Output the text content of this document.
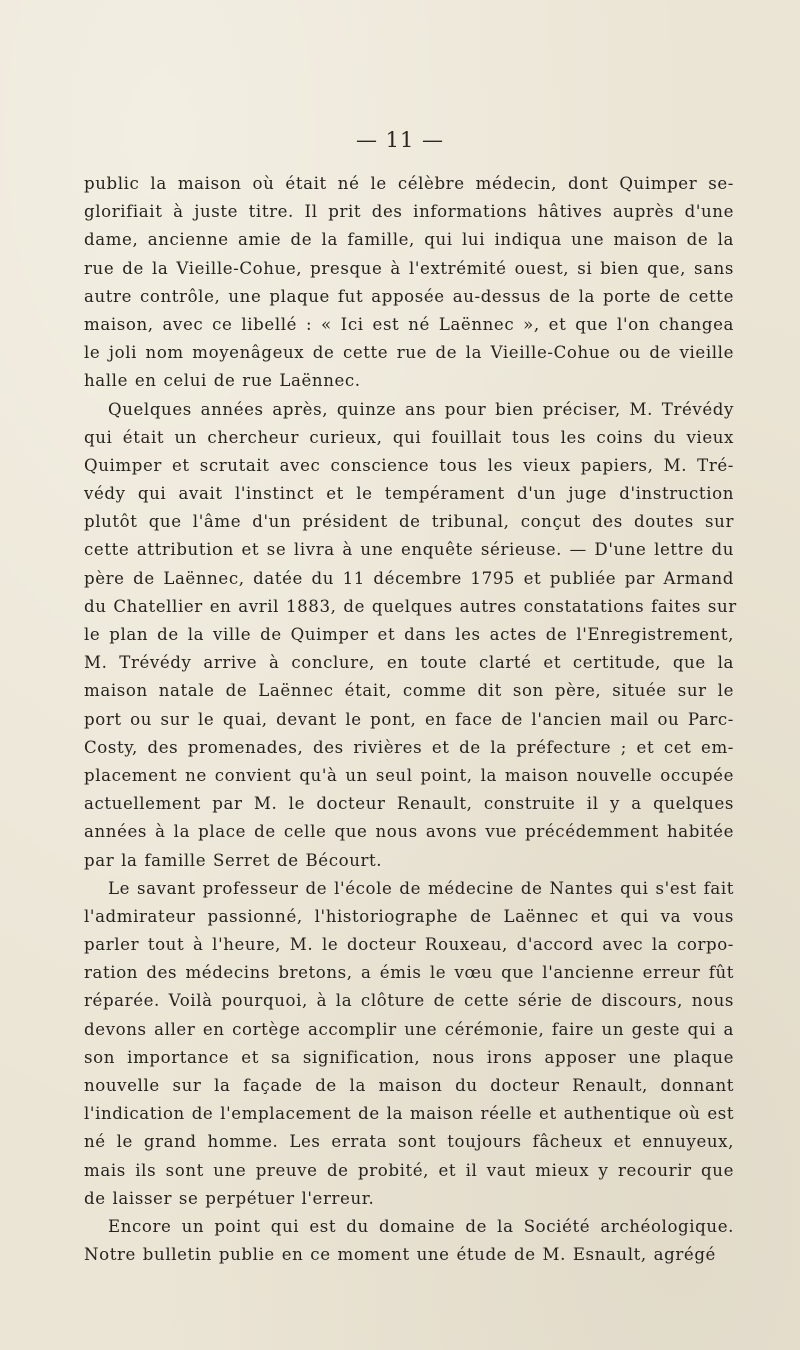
— 11 —
public la maison où était né le célèbre médecin, dont Quimper se-
glorifiait à juste titre. Il prit des informations hâtives auprès d'une
dame, ancienne amie de la famille, qui lui indiqua une maison de la
rue de la Vieille-Cohue, presque à l'extrémité ouest, si bien que, sans
autre contrôle, une plaque fut apposée au-dessus de la porte de cette
maison, avec ce libellé : « Ici est né Laënnec », et que l'on changea
le joli nom moyenâgeux de cette rue de la Vieille-Cohue ou de vieille
halle en celui de rue Laënnec.
Quelques années après, quinze ans pour bien préciser, M. Trévédy
qui était un chercheur curieux, qui fouillait tous les coins du vieux
Quimper et scrutait avec conscience tous les vieux papiers, M. Tré-
védy qui avait l'instinct et le tempérament d'un juge d'instruction
plutôt que l'âme d'un président de tribunal, conçut des doutes sur
cette attribution et se livra à une enquête sérieuse. — D'une lettre du
père de Laënnec, datée du 11 décembre 1795 et publiée par Armand
du Chatellier en avril 1883, de quelques autres constatations faites sur
le plan de la ville de Quimper et dans les actes de l'Enregistrement,
M. Trévédy arrive à conclure, en toute clarté et certitude, que la
maison natale de Laënnec était, comme dit son père, située sur le
port ou sur le quai, devant le pont, en face de l'ancien mail ou Parc-
Costy, des promenades, des rivières et de la préfecture ; et cet em-
placement ne convient qu'à un seul point, la maison nouvelle occupée
actuellement par M. le docteur Renault, construite il y a quelques
années à la place de celle que nous avons vue précédemment habitée
par la famille Serret de Bécourt.
Le savant professeur de l'école de médecine de Nantes qui s'est fait
l'admirateur passionné, l'historiographe de Laënnec et qui va vous
parler tout à l'heure, M. le docteur Rouxeau, d'accord avec la corpo-
ration des médecins bretons, a émis le vœu que l'ancienne erreur fût
réparée. Voilà pourquoi, à la clôture de cette série de discours, nous
devons aller en cortège accomplir une cérémonie, faire un geste qui a
son importance et sa signification, nous irons apposer une plaque
nouvelle sur la façade de la maison du docteur Renault, donnant
l'indication de l'emplacement de la maison réelle et authentique où est
né le grand homme. Les errata sont toujours fâcheux et ennuyeux,
mais ils sont une preuve de probité, et il vaut mieux y recourir que
de laisser se perpétuer l'erreur.
Encore un point qui est du domaine de la Société archéologique.
Notre bulletin publie en ce moment une étude de M. Esnault, agrégé
